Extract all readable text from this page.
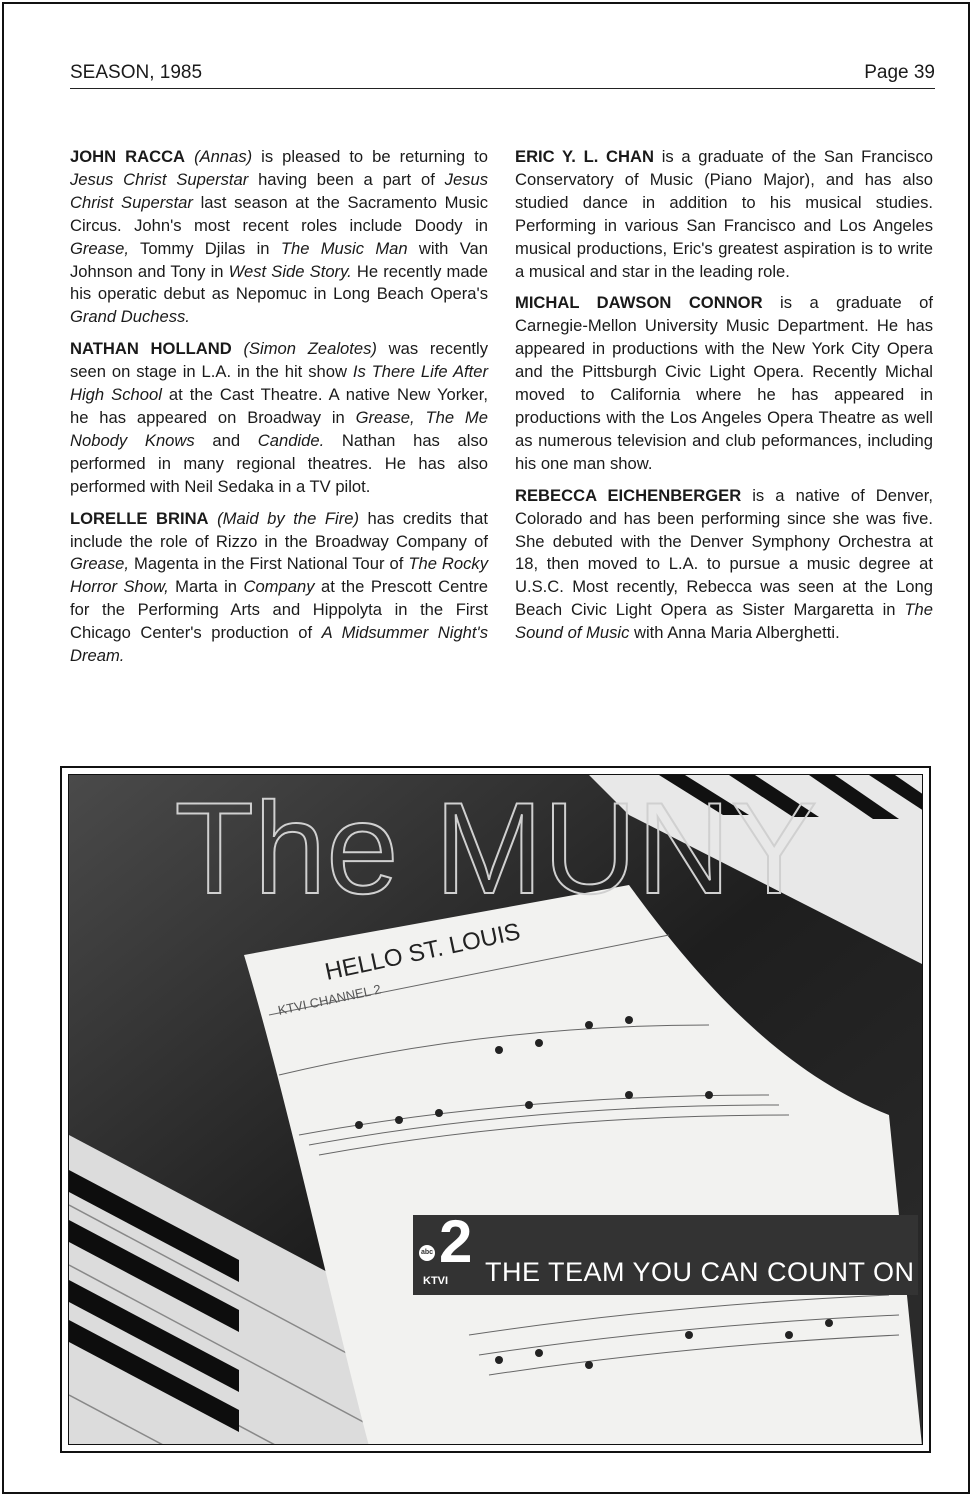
SEASON, 1985	Page 39

JOHN RACCA (Annas) is pleased to be returning to Jesus Christ Superstar having been a part of Jesus Christ Superstar last season at the Sacramento Music Circus. John's most recent roles include Doody in Grease, Tommy Djilas in The Music Man with Van Johnson and Tony in West Side Story. He recently made his operatic debut as Nepomuc in Long Beach Opera's Grand Duchess.

NATHAN HOLLAND (Simon Zealotes) was recently seen on stage in L.A. in the hit show Is There Life After High School at the Cast Theatre. A native New Yorker, he has appeared on Broadway in Grease, The Me Nobody Knows and Candide. Nathan has also performed in many regional theatres. He has also performed with Neil Sedaka in a TV pilot.

LORELLE BRINA (Maid by the Fire) has credits that include the role of Rizzo in the Broadway Company of Grease, Magenta in the First National Tour of The Rocky Horror Show, Marta in Company at the Prescott Centre for the Performing Arts and Hippolyta in the First Chicago Center's production of A Midsummer Night's Dream.

ERIC Y. L. CHAN is a graduate of the San Francisco Conservatory of Music (Piano Major), and has also studied dance in addition to his musical studies. Performing in various San Francisco and Los Angeles musical productions, Eric's greatest aspiration is to write a musical and star in the leading role.

MICHAL DAWSON CONNOR is a graduate of Carnegie-Mellon University Music Department. He has appeared in productions with the New York City Opera and the Pittsburgh Civic Light Opera. Recently Michal moved to California where he has appeared in productions with the Los Angeles Opera Theatre as well as numerous television and club peformances, including his one man show.

REBECCA EICHENBERGER is a native of Denver, Colorado and has been performing since she was five. She debuted with the Denver Symphony Orchestra at 18, then moved to L.A. to pursue a music degree at U.S.C. Most recently, Rebecca was seen at the Long Beach Civic Light Opera as Sister Margaretta in The Sound of Music with Anna Maria Alberghetti.

HELLO ST. LOUIS
KTVI CHANNEL 2
The MUNY
2
abc
KTVI THE TEAM YOU CAN COUNT ON
